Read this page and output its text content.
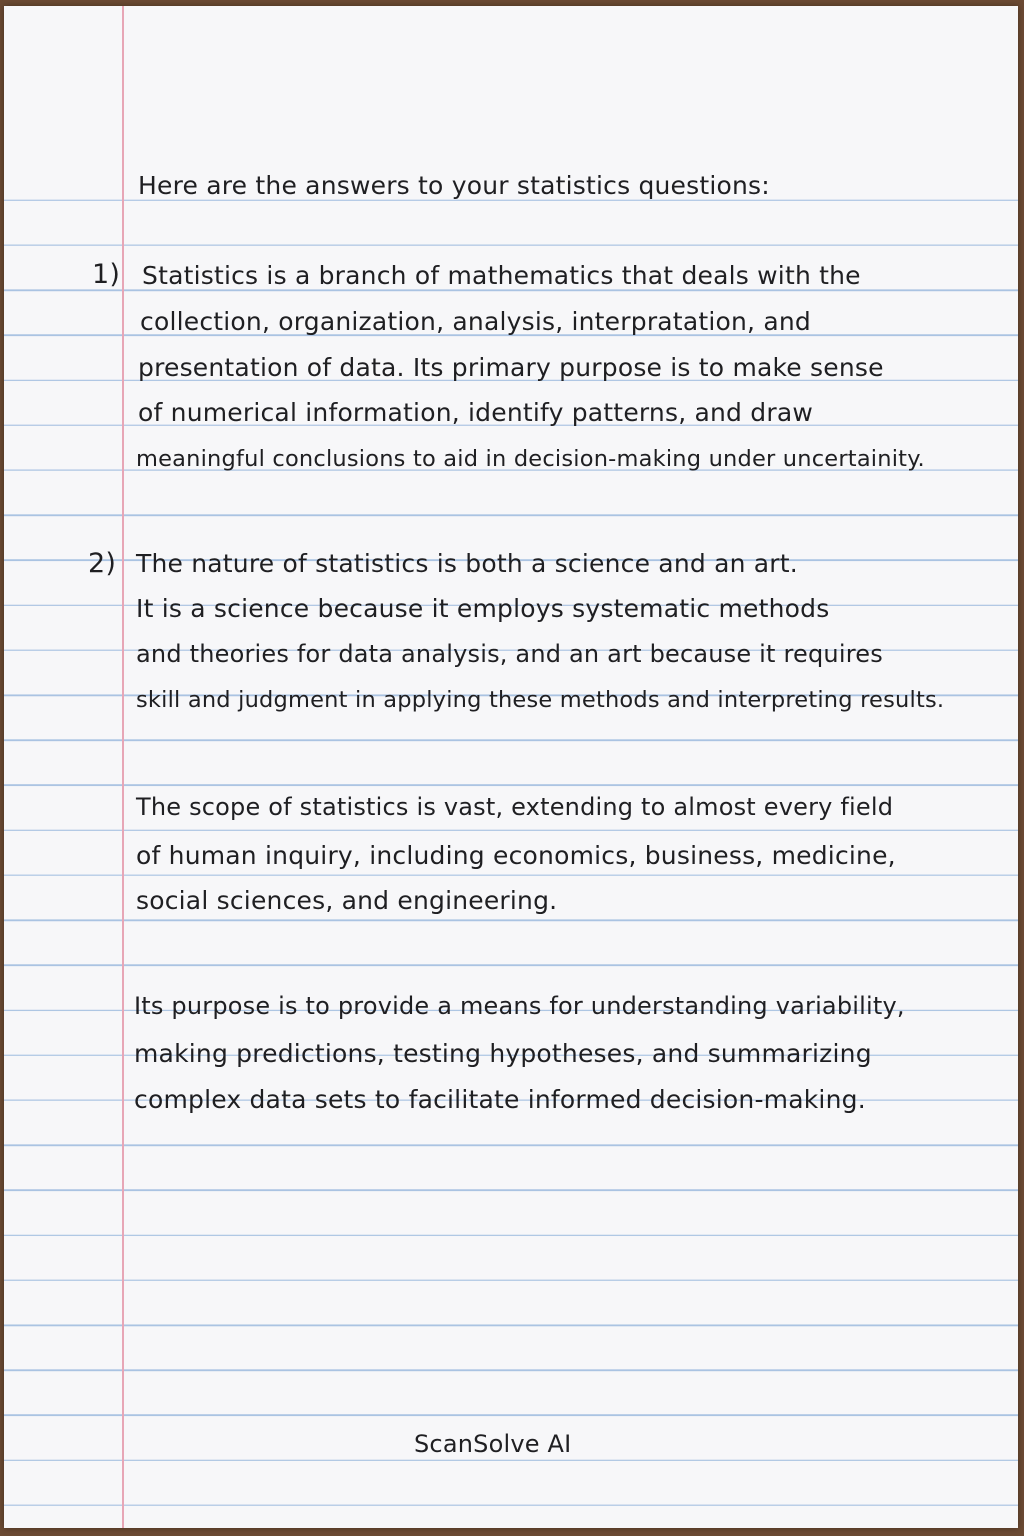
Here are the answers to your statistics questions:
1) Statistics is a branch of mathematics that deals with the
collection, organization, analysis, interpratation, and
presentation of data. Its primary purpose is to make sense
of numerical information, identify patterns, and draw
meaningful conclusions to aid in decision-making under uncertainity.
2) The nature of statistics is both a science and an art.
It is a science because it employs systematic methods
and theories for data analysis, and an art because it requires
skill and judgment in applying these methods and interpreting results.
The scope of statistics is vast, extending to almost every field
of human inquiry, including economics, business, medicine,
social sciences, and engineering.
Its purpose is to provide a means for understanding variability,
making predictions, testing hypotheses, and summarizing
complex data sets to facilitate informed decision-making.
ScanSolve AI
